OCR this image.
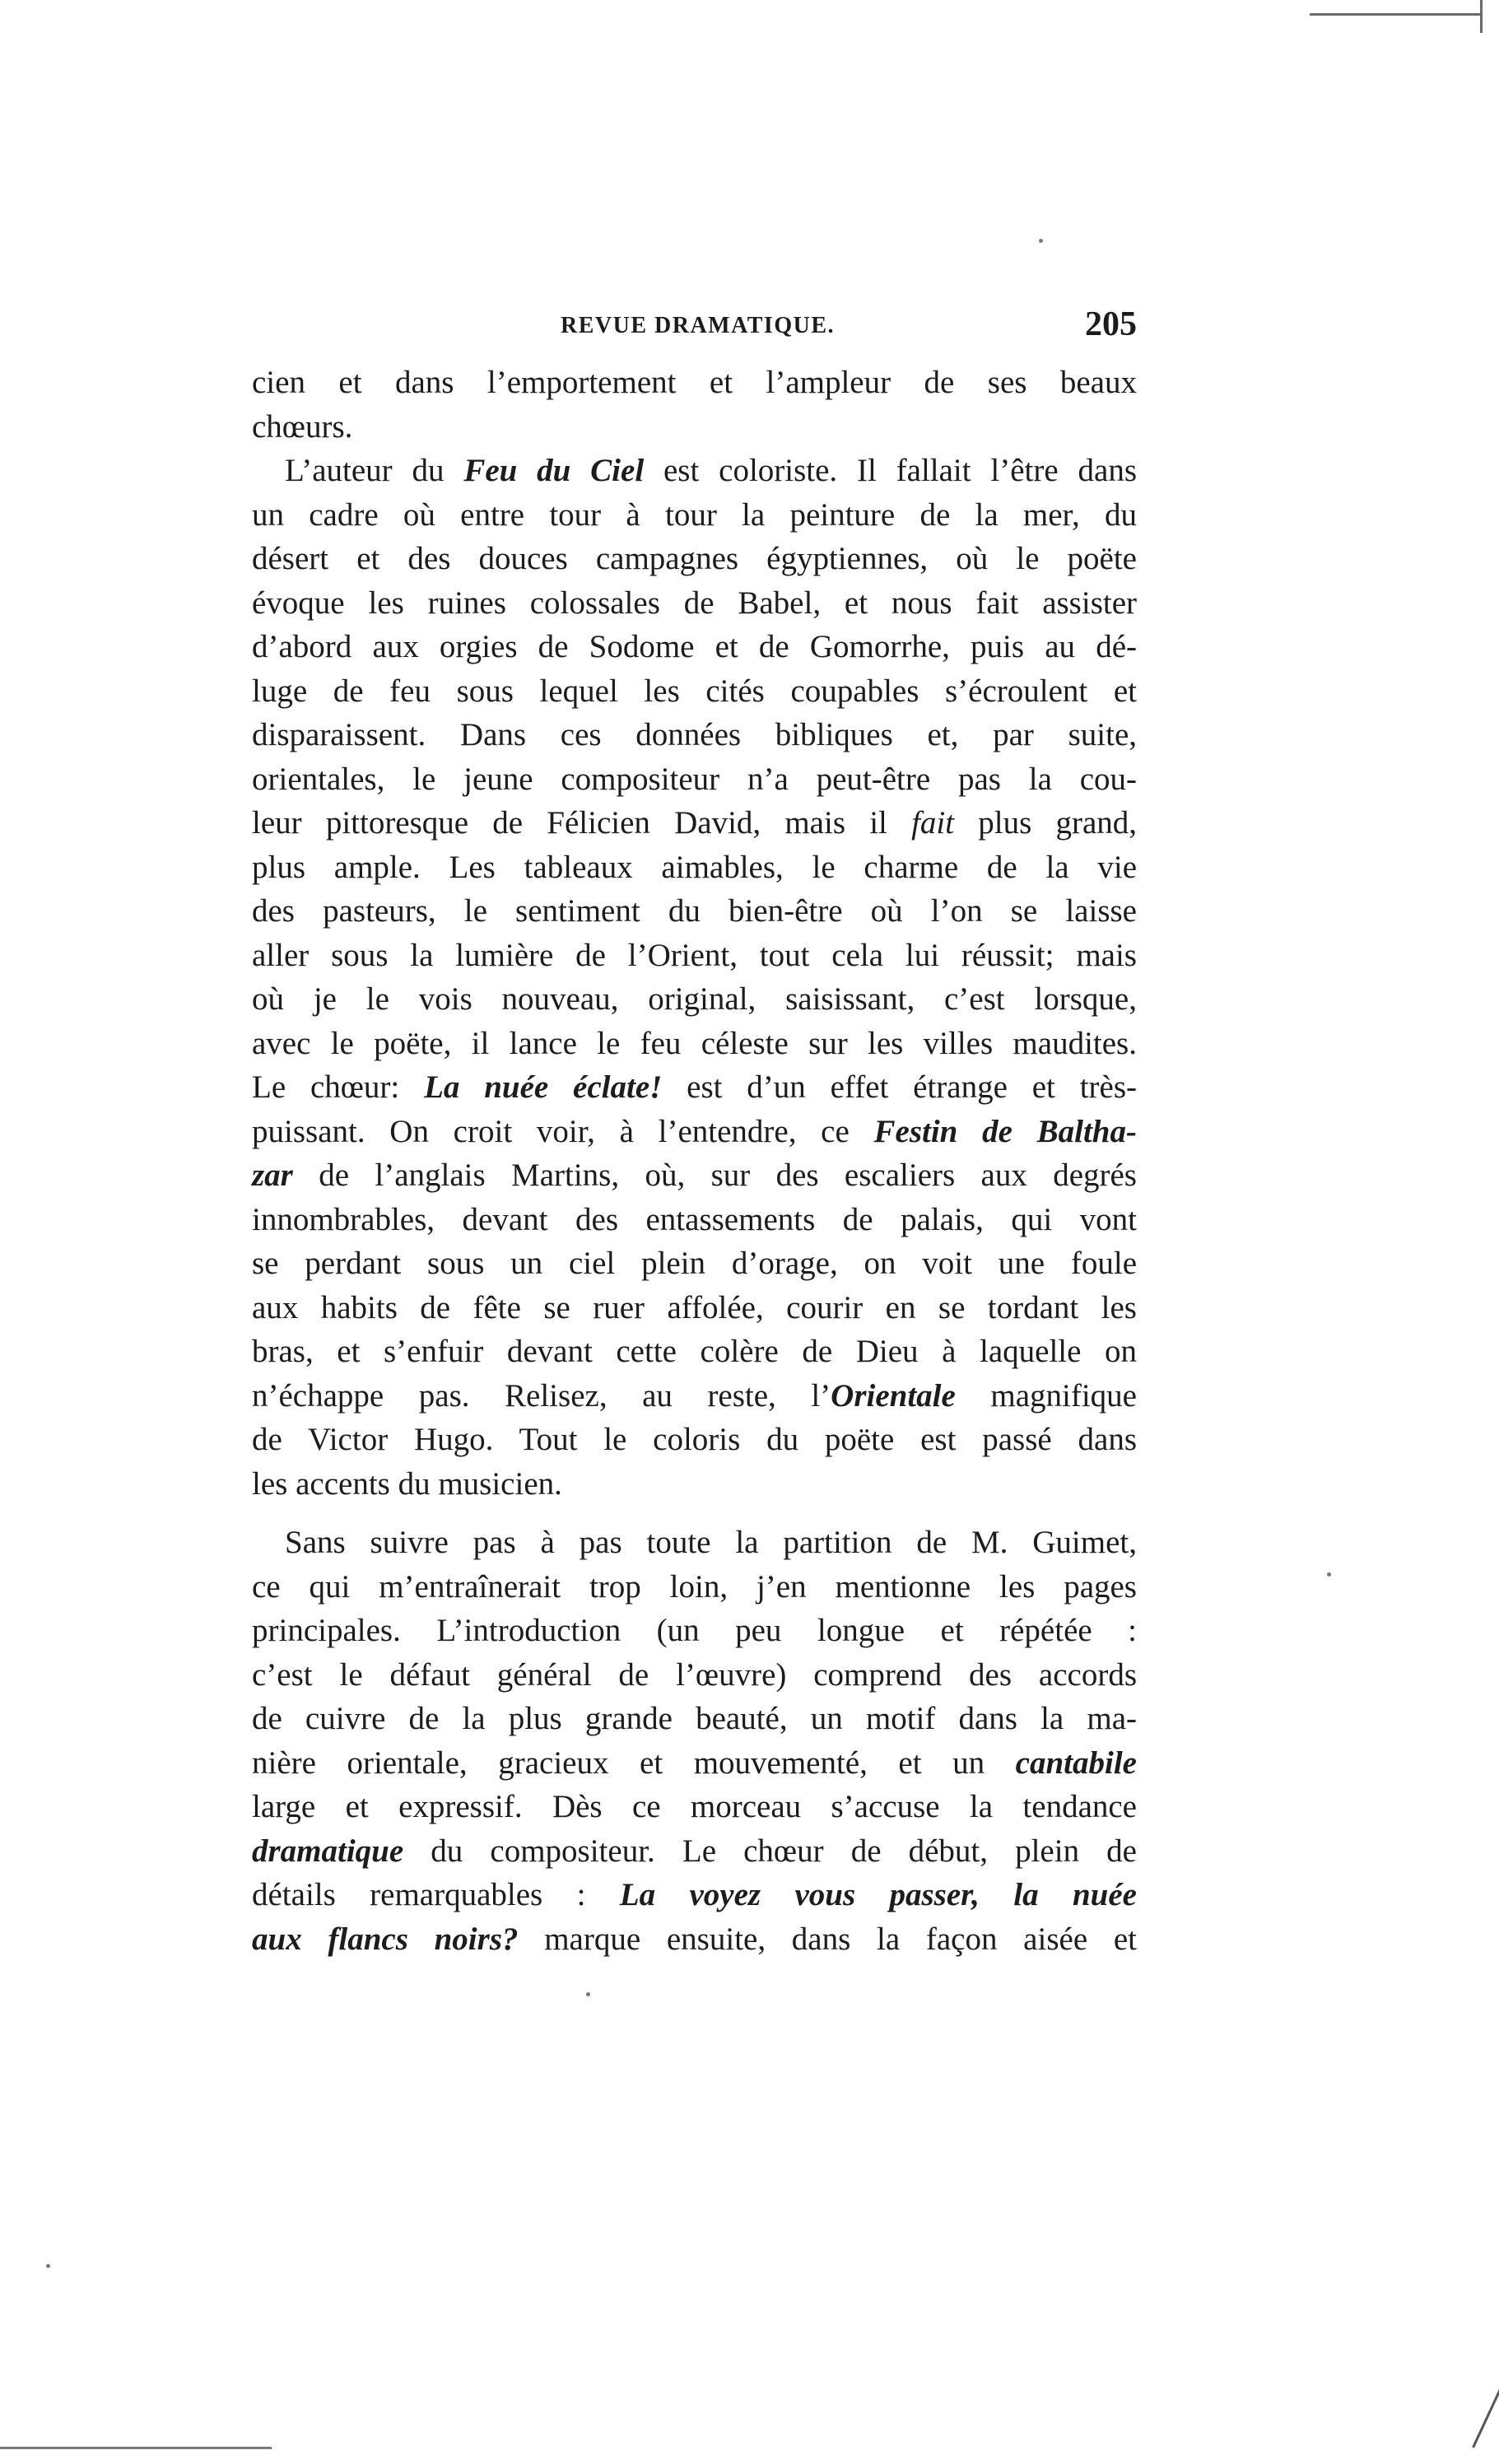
REVUE DRAMATIQUE.	205
cien et dans l’emportement et l’ampleur de ses beaux
chœurs.
L’auteur du Feu du Ciel est coloriste. Il fallait l’être dans
un cadre où entre tour à tour la peinture de la mer, du
désert et des douces campagnes égyptiennes, où le poëte
évoque les ruines colossales de Babel, et nous fait assister
d’abord aux orgies de Sodome et de Gomorrhe, puis au dé-
luge de feu sous lequel les cités coupables s’écroulent et
disparaissent. Dans ces données bibliques et, par suite,
orientales, le jeune compositeur n’a peut-être pas la cou-
leur pittoresque de Félicien David, mais il fait plus grand,
plus ample. Les tableaux aimables, le charme de la vie
des pasteurs, le sentiment du bien-être où l’on se laisse
aller sous la lumière de l’Orient, tout cela lui réussit; mais
où je le vois nouveau, original, saisissant, c’est lorsque,
avec le poëte, il lance le feu céleste sur les villes maudites.
Le chœur: La nuée éclate! est d’un effet étrange et très-
puissant. On croit voir, à l’entendre, ce Festin de Baltha-
zar de l’anglais Martins, où, sur des escaliers aux degrés
innombrables, devant des entassements de palais, qui vont
se perdant sous un ciel plein d’orage, on voit une foule
aux habits de fête se ruer affolée, courir en se tordant les
bras, et s’enfuir devant cette colère de Dieu à laquelle on
n’échappe pas. Relisez, au reste, l’Orientale magnifique
de Victor Hugo. Tout le coloris du poëte est passé dans
les accents du musicien.
Sans suivre pas à pas toute la partition de M. Guimet,
ce qui m’entraînerait trop loin, j’en mentionne les pages
principales. L’introduction (un peu longue et répétée :
c’est le défaut général de l’œuvre) comprend des accords
de cuivre de la plus grande beauté, un motif dans la ma-
nière orientale, gracieux et mouvementé, et un cantabile
large et expressif. Dès ce morceau s’accuse la tendance
dramatique du compositeur. Le chœur de début, plein de
détails remarquables : La voyez vous passer, la nuée
aux flancs noirs? marque ensuite, dans la façon aisée et
